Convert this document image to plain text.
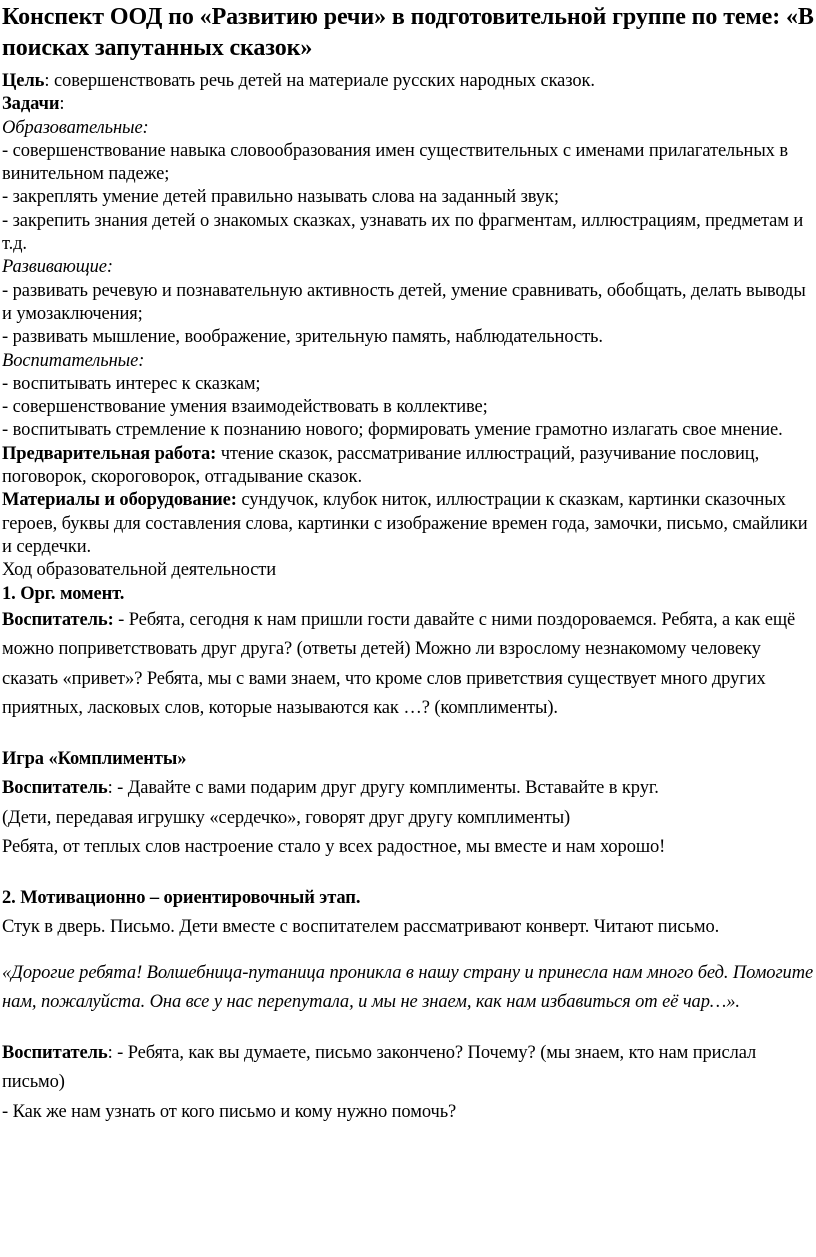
Конспект ООД по «Развитию речи» в подготовительной группе по теме: «В поисках запутанных сказок»

Цель: совершенствовать речь детей на материале русских народных сказок.

Задачи:

Образовательные:

- совершенствование навыка словообразования имен существительных с именами прилагательных в винительном падеже;

- закреплять умение детей правильно называть слова на заданный звук;

- закрепить знания детей о знакомых сказках, узнавать их по фрагментам, иллюстрациям, предметам и т.д.

Развивающие:

- развивать речевую и познавательную активность детей, умение сравнивать, обобщать, делать выводы и умозаключения;

- развивать мышление, воображение, зрительную память, наблюдательность.

Воспитательные:

- воспитывать интерес к сказкам;

- совершенствование умения взаимодействовать в коллективе;

- воспитывать стремление к познанию нового; формировать умение грамотно излагать свое мнение.

Предварительная работа: чтение сказок, рассматривание иллюстраций, разучивание пословиц, поговорок, скороговорок, отгадывание сказок.

Материалы и оборудование: сундучок, клубок ниток, иллюстрации к сказкам, картинки сказочных героев, буквы для составления слова, картинки с изображение времен года, замочки, письмо, смайлики и сердечки.

Ход образовательной деятельности

1. Орг. момент.

Воспитатель: - Ребята, сегодня к нам пришли гости давайте с ними поздороваемся. Ребята, а как ещё можно поприветствовать друг друга? (ответы детей) Можно ли взрослому незнакомому человеку сказать «привет»? Ребята, мы с вами знаем, что кроме слов приветствия существует много других приятных, ласковых слов, которые называются как …? (комплименты).

Игра «Комплименты»

Воспитатель: - Давайте с вами подарим друг другу комплименты. Вставайте в круг.

(Дети, передавая игрушку «сердечко», говорят друг другу комплименты)

Ребята, от теплых слов настроение стало у всех радостное, мы вместе и нам хорошо!

2. Мотивационно – ориентировочный этап.

Стук в дверь. Письмо. Дети вместе с воспитателем рассматривают конверт. Читают письмо.

«Дорогие ребята! Волшебница-путаница проникла в нашу страну и принесла нам много бед. Помогите нам, пожалуйста. Она все у нас перепутала, и мы не знаем, как нам избавиться от её чар…».

Воспитатель: - Ребята, как вы думаете, письмо закончено? Почему? (мы знаем, кто нам прислал письмо)

- Как же нам узнать от кого письмо и кому нужно помочь?
